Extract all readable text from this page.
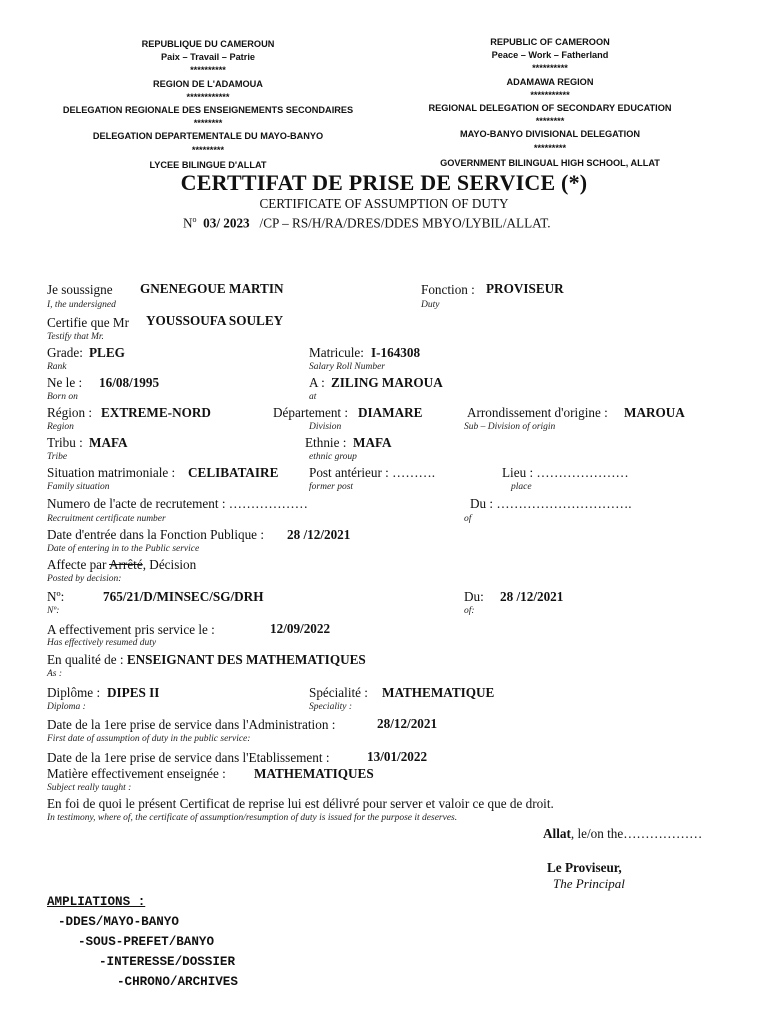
REPUBLIQUE DU CAMEROUN
Paix – Travail – Patrie
**********
REGION DE L'ADAMOUA
************
DELEGATION REGIONALE DES ENSEIGNEMENTS SECONDAIRES
********
DELEGATION DEPARTEMENTALE DU MAYO-BANYO
*********
LYCEE BILINGUE D'ALLAT
REPUBLIC OF CAMEROON
Peace – Work – Fatherland
**********
ADAMAWA REGION
***********
REGIONAL DELEGATION OF SECONDARY EDUCATION
********
MAYO-BANYO DIVISIONAL DELEGATION
*********
GOVERNMENT BILINGUAL HIGH SCHOOL, ALLAT
CERTTIFAT DE PRISE DE SERVICE (*)
CERTIFICATE OF ASSUMPTION OF DUTY
$N^o$ 03/ 2023 /CP – RS/H/RA/DRES/DDES MBYO/LYBIL/ALLAT.
Je soussigne GNENEGOUE MARTIN
I, the undersigned
Fonction : PROVISEUR
Duty
Certifie que Mr YOUSSOUFA SOULEY
Testify that Mr.
Grade: PLEG
Rank
Matricule: I-164308
Salary Roll Number
Ne le : 16/08/1995
Born on
A : ZILING MAROUA
at
Région : EXTREME-NORD
Region
Département : DIAMARE
Division
Arrondissement d'origine : MAROUA
Sub – Division of origin
Tribu : MAFA
Tribe
Ethnie : MAFA
ethnic group
Situation matrimoniale : CELIBATAIRE
Family situation
Post antérieur : ……….
former post
Lieu : …………………
place
Numero de l'acte de recrutement : ………………
Recruitment certificate number
Du : ………………………….
of
Date d'entrée dans la Fonction Publique : 28 /12/2021
Date of entering in to the Public service
Affecte par Arrêté, Décision
Posted by decision:
Nº:	765/21/D/MINSEC/SG/DRH
Nº:
Du: 28 /12/2021
of:
A effectivement pris service le :	12/09/2022
Has effectively resumed duty
En qualité de : ENSEIGNANT DES MATHEMATIQUES
As :
Diplôme : DIPES II
Diploma :
Spécialité : MATHEMATIQUE
Speciality :
Date de la 1ere prise de service dans l'Administration :	28/12/2021
First date of assumption of duty in the public service:
Date de la 1ere prise de service dans l'Etablissement :	13/01/2022
Matière effectivement enseignée : MATHEMATIQUES
Subject really taught :
En foi de quoi le présent Certificat de reprise lui est délivré pour server et valoir ce que de droit.
In testimony, where of, the certificate of assumption/resumption of duty is issued for the purpose it deserves.
Allat, le/on the………………
Le Proviseur,
The Principal
AMPLIATIONS :
-DDES/MAYO-BANYO
-SOUS-PREFET/BANYO
-INTERESSE/DOSSIER
-CHRONO/ARCHIVES
